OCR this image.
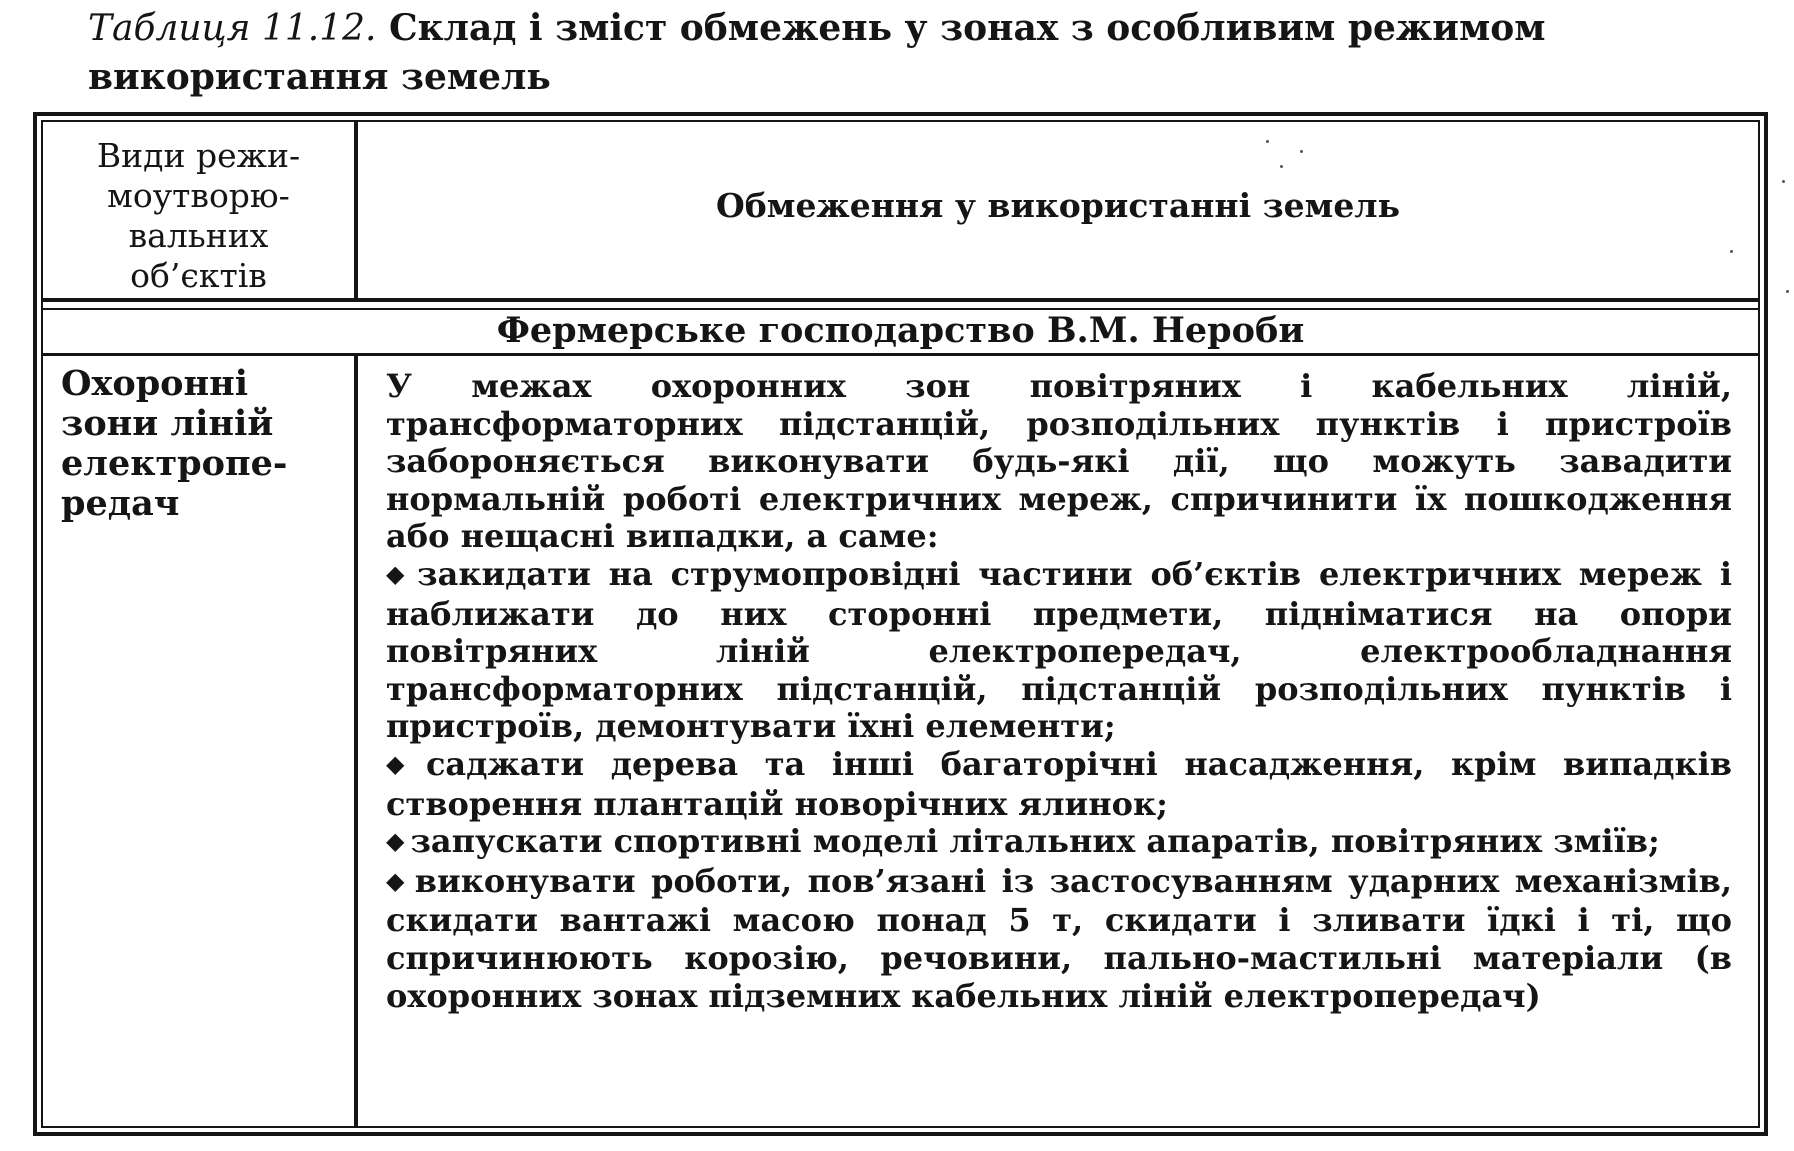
Таблиця 11.12. Склад і зміст обмежень у зонах з особливим режимом використання земель
Види режи-
моутворю-
вальних
об’єктів
Обмеження у використанні земель
Фермерське господарство В.М. Нероби
Охоронні
зони ліній
електропе-
редач

У межах охоронних зон повітряних і кабельних ліній, трансформаторних підстанцій, розподільних пунктів і пристроїв забороняється виконувати будь-які дії, що можуть завадити нормальній роботі електричних мереж, спричинити їх пошкодження або нещасні випадки, а саме:

◆ закидати на струмопровідні частини об’єктів електричних мереж і наближати до них сторонні предмети, підніматися на опори повітряних ліній електропередач, електрообладнання трансформаторних підстанцій, підстанцій розподільних пунктів і пристроїв, демонтувати їхні елементи;

◆ саджати дерева та інші багаторічні насадження, крім випадків створення плантацій новорічних ялинок;

◆ запускати спортивні моделі літальних апаратів, повітряних зміїв;

◆ виконувати роботи, пов’язані із застосуванням ударних механізмів, скидати вантажі масою понад 5 т, скидати і зливати їдкі і ті, що спричинюють корозію, речовини, пально-мастильні матеріали (в охоронних зонах підземних кабельних ліній електропередач)
